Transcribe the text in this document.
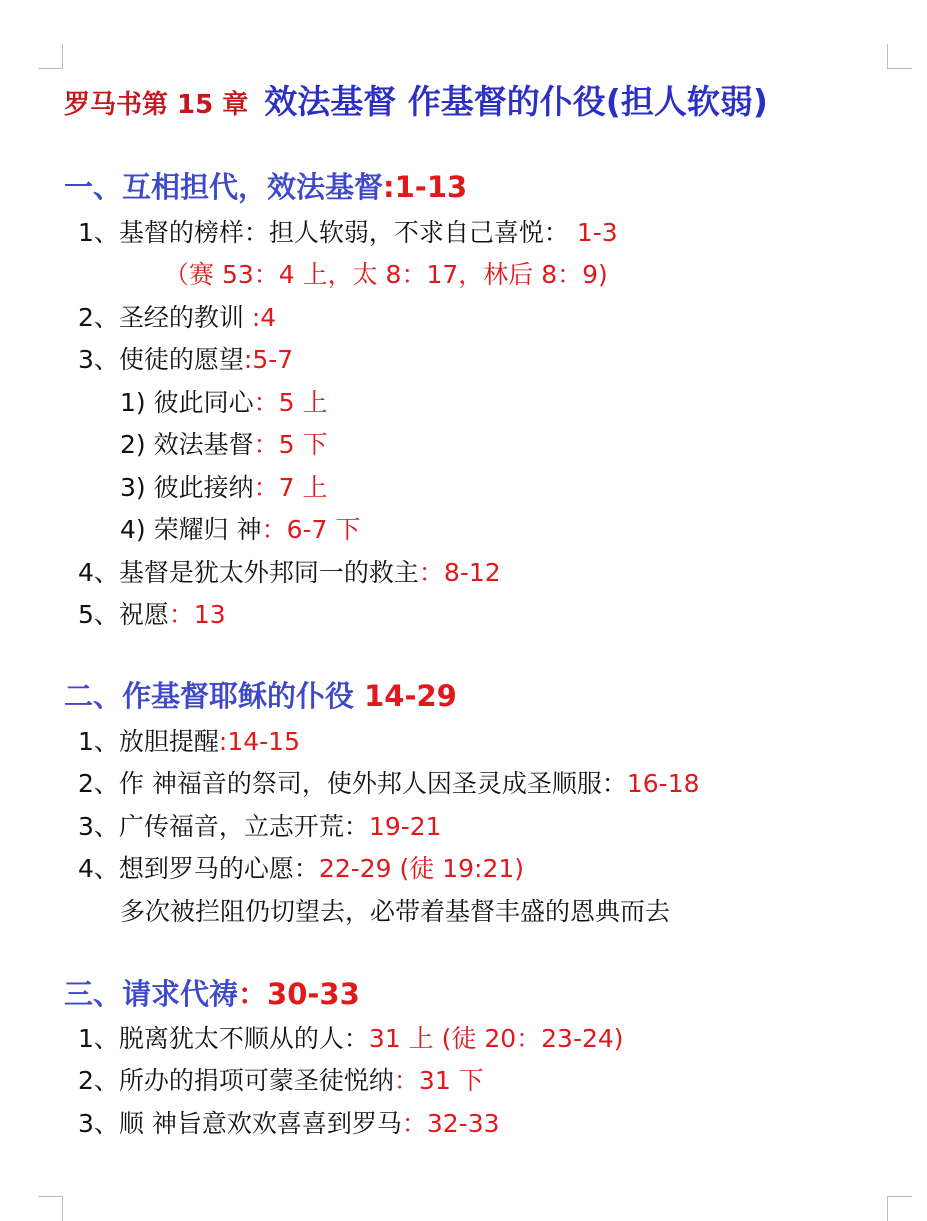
罗马书第 15 章 效法基督 作基督的仆役(担人软弱)
一、互相担代，效法基督:1-13
1、基督的榜样：担人软弱，不求自己喜悦： 1-3
（赛 53：4 上，太 8：17，林后 8：9)
2、圣经的教训 :4
3、使徒的愿望:5-7
1) 彼此同心：5 上
2) 效法基督：5 下
3) 彼此接纳：7 上
4) 荣耀归 神：6-7 下
4、基督是犹太外邦同一的救主：8-12
5、祝愿：13
二、作基督耶稣的仆役 14-29
1、放胆提醒:14-15
2、作 神福音的祭司，使外邦人因圣灵成圣顺服：16-18
3、广传福音，立志开荒：19-21
4、想到罗马的心愿：22-29 (徒 19:21)
多次被拦阻仍切望去，必带着基督丰盛的恩典而去
三、请求代祷：30-33
1、脱离犹太不顺从的人：31 上 (徒 20：23-24)
2、所办的捐项可蒙圣徒悦纳：31 下
3、顺 神旨意欢欢喜喜到罗马：32-33
